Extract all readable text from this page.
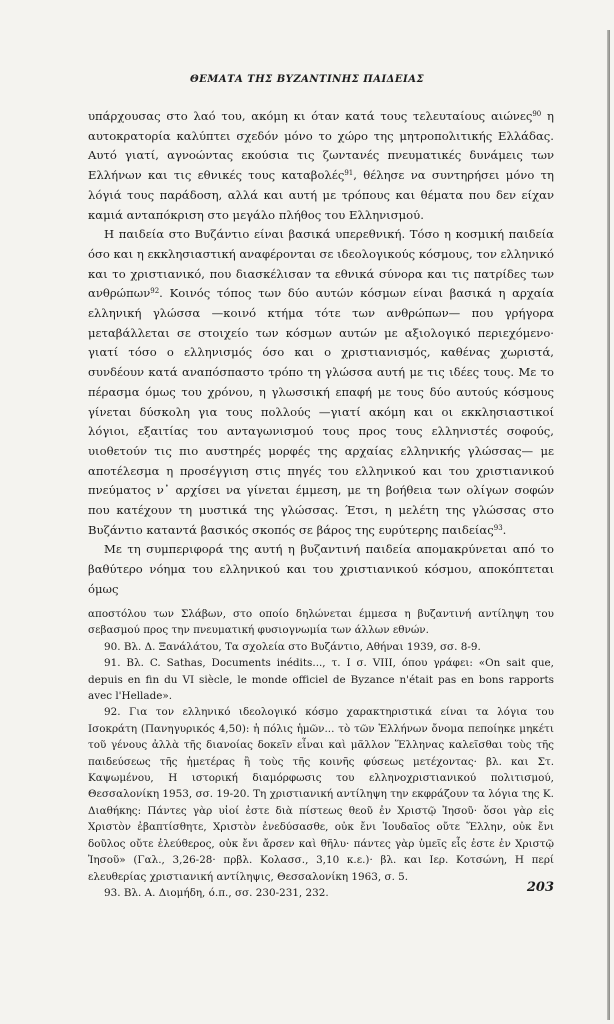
ΘΕΜΑΤΑ ΤΗΣ ΒΥΖΑΝΤΙΝΗΣ ΠΑΙΔΕΙΑΣ

υπάρχουσας στο λαό του, ακόμη κι όταν κατά τους τελευταίους αιώνες$^{90}$ η αυτοκρατορία καλύπτει σχεδόν μόνο το χώρο της μητροπολιτικής Ελλάδας. Αυτό γιατί, αγνοώντας εκούσια τις ζωντανές πνευματικές δυνάμεις των Ελλήνων και τις εθνικές τους καταβολές$^{91}$, θέλησε να συντηρήσει μόνο τη λόγιά τους παράδοση, αλλά και αυτή με τρόπους και θέματα που δεν είχαν καμιά ανταπόκριση στο μεγάλο πλήθος του Ελληνισμού.

Η παιδεία στο Βυζάντιο είναι βασικά υπερεθνική. Τόσο η κοσμική παιδεία όσο και η εκκλησιαστική αναφέρονται σε ιδεολογικούς κόσμους, τον ελληνικό και το χριστιανικό, που διασκέλισαν τα εθνικά σύνορα και τις πατρίδες των ανθρώπων$^{92}$. Κοινός τόπος των δύο αυτών κόσμων είναι βασικά η αρχαία ελληνική γλώσσα —κοινό κτήμα τότε των ανθρώπων— που γρήγορα μεταβάλλεται σε στοιχείο των κόσμων αυτών με αξιολογικό περιεχόμενο· γιατί τόσο ο ελληνισμός όσο και ο χριστιανισμός, καθένας χωριστά, συνδέουν κατά αναπόσπαστο τρόπο τη γλώσσα αυτή με τις ιδέες τους. Με το πέρασμα όμως του χρόνου, η γλωσσική επαφή με τους δύο αυτούς κόσμους γίνεται δύσκολη για τους πολλούς —γιατί ακόμη και οι εκκλησιαστικοί λόγιοι, εξαιτίας του ανταγωνισμού τους προς τους ελληνιστές σοφούς, υιοθετούν τις πιο αυστηρές μορφές της αρχαίας ελληνικής γλώσσας— με αποτέλεσμα η προσέγγιση στις πηγές του ελληνικού και του χριστιανικού πνεύματος ν᾽ αρχίσει να γίνεται έμμεση, με τη βοήθεια των ολίγων σοφών που κατέχουν τη μυστικά της γλώσσας. Έτσι, η μελέτη της γλώσσας στο Βυζάντιο καταντά βασικός σκοπός σε βάρος της ευρύτερης παιδείας$^{93}$.

Με τη συμπεριφορά της αυτή η βυζαντινή παιδεία απομακρύνεται από το βαθύτερο νόημα του ελληνικού και του χριστιανικού κόσμου, αποκόπτεται όμως

αποστόλου των Σλάβων, στο οποίο δηλώνεται έμμεσα η βυζαντινή αντίληψη του σεβασμού προς την πνευματική φυσιογνωμία των άλλων εθνών.

90. Βλ. Δ. Ξανάλάτου, Τα σχολεία στο Βυζάντιο, Αθήναι 1939, σσ. 8-9.

91. Βλ. C. Sathas, Documents inédits..., τ. I σ. VIII, όπου γράφει: «On sait que, depuis en fin du VI siècle, le monde officiel de Byzance n'était pas en bons rapports avec l'Hellade».

92. Για τον ελληνικό ιδεολογικό κόσμο χαρακτηριστικά είναι τα λόγια του Ισοκράτη (Πανηγυρικός 4,50): ἡ πόλις ἡμῶν... τὸ τῶν Ἑλλήνων ὄνομα πεποίηκε μηκέτι τοῦ γένους ἀλλὰ τῆς διανοίας δοκεῖν εἶναι καὶ μᾶλλον Ἕλληνας καλεῖσθαι τοὺς τῆς παιδεύσεως τῆς ἡμετέρας ἢ τοὺς τῆς κοινῆς φύσεως μετέχοντας· βλ. και Στ. Καψωμένου, Η ιστορική διαμόρφωσις του ελληνοχριστιανικού πολιτισμού, Θεσσαλονίκη 1953, σσ. 19-20. Τη χριστιανική αντίληψη την εκφράζουν τα λόγια της Κ. Διαθήκης: Πάντες γὰρ υἱοί ἐστε διὰ πίστεως θεοῦ ἐν Χριστῷ Ἰησοῦ· ὅσοι γὰρ εἰς Χριστὸν ἐβαπτίσθητε, Χριστὸν ἐνεδύσασθε, οὐκ ἔνι Ἰουδαῖος οὔτε Ἕλλην, οὐκ ἔνι δοῦλος οὔτε ἐλεύθερος, οὐκ ἔνι ἄρσεν καὶ θῆλυ· πάντες γὰρ ὑμεῖς εἷς ἐστε ἐν Χριστῷ Ἰησοῦ» (Γαλ., 3,26-28· πρβλ. Κολασσ., 3,10 κ.ε.)· βλ. και Ιερ. Κοτσώνη, Η περί ελευθερίας χριστιανική αντίληψις, Θεσσαλονίκη 1963, σ. 5.

93. Βλ. Α. Διομήδη, ό.π., σσ. 230-231, 232.	203
